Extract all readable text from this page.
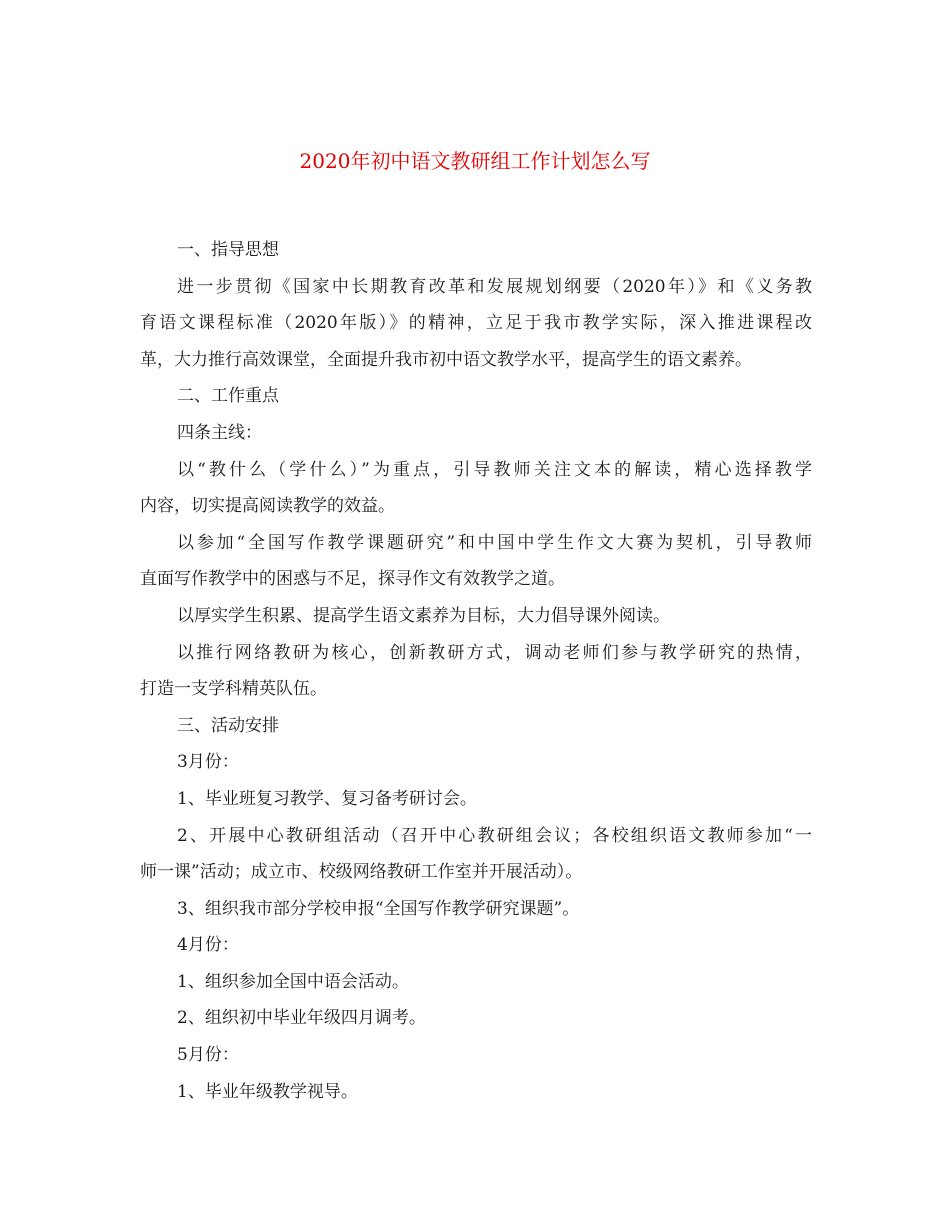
2020年初中语文教研组工作计划怎么写

一、指导思想

进一步贯彻《国家中长期教育改革和发展规划纲要（2020年）》和《义务教

育语文课程标准（2020年版）》的精神，立足于我市教学实际，深入推进课程改

革，大力推行高效课堂，全面提升我市初中语文教学水平，提高学生的语文素养。

二、工作重点

四条主线：

以“教什么（学什么）”为重点，引导教师关注文本的解读，精心选择教学

内容，切实提高阅读教学的效益。

以参加“全国写作教学课题研究”和中国中学生作文大赛为契机，引导教师

直面写作教学中的困惑与不足，探寻作文有效教学之道。

以厚实学生积累、提高学生语文素养为目标，大力倡导课外阅读。

以推行网络教研为核心，创新教研方式，调动老师们参与教学研究的热情，

打造一支学科精英队伍。

三、活动安排

3月份：

1、毕业班复习教学、复习备考研讨会。

2、开展中心教研组活动（召开中心教研组会议；各校组织语文教师参加“一

师一课”活动；成立市、校级网络教研工作室并开展活动）。

3、组织我市部分学校申报“全国写作教学研究课题”。

4月份：

1、组织参加全国中语会活动。

2、组织初中毕业年级四月调考。

5月份：

1、毕业年级教学视导。
